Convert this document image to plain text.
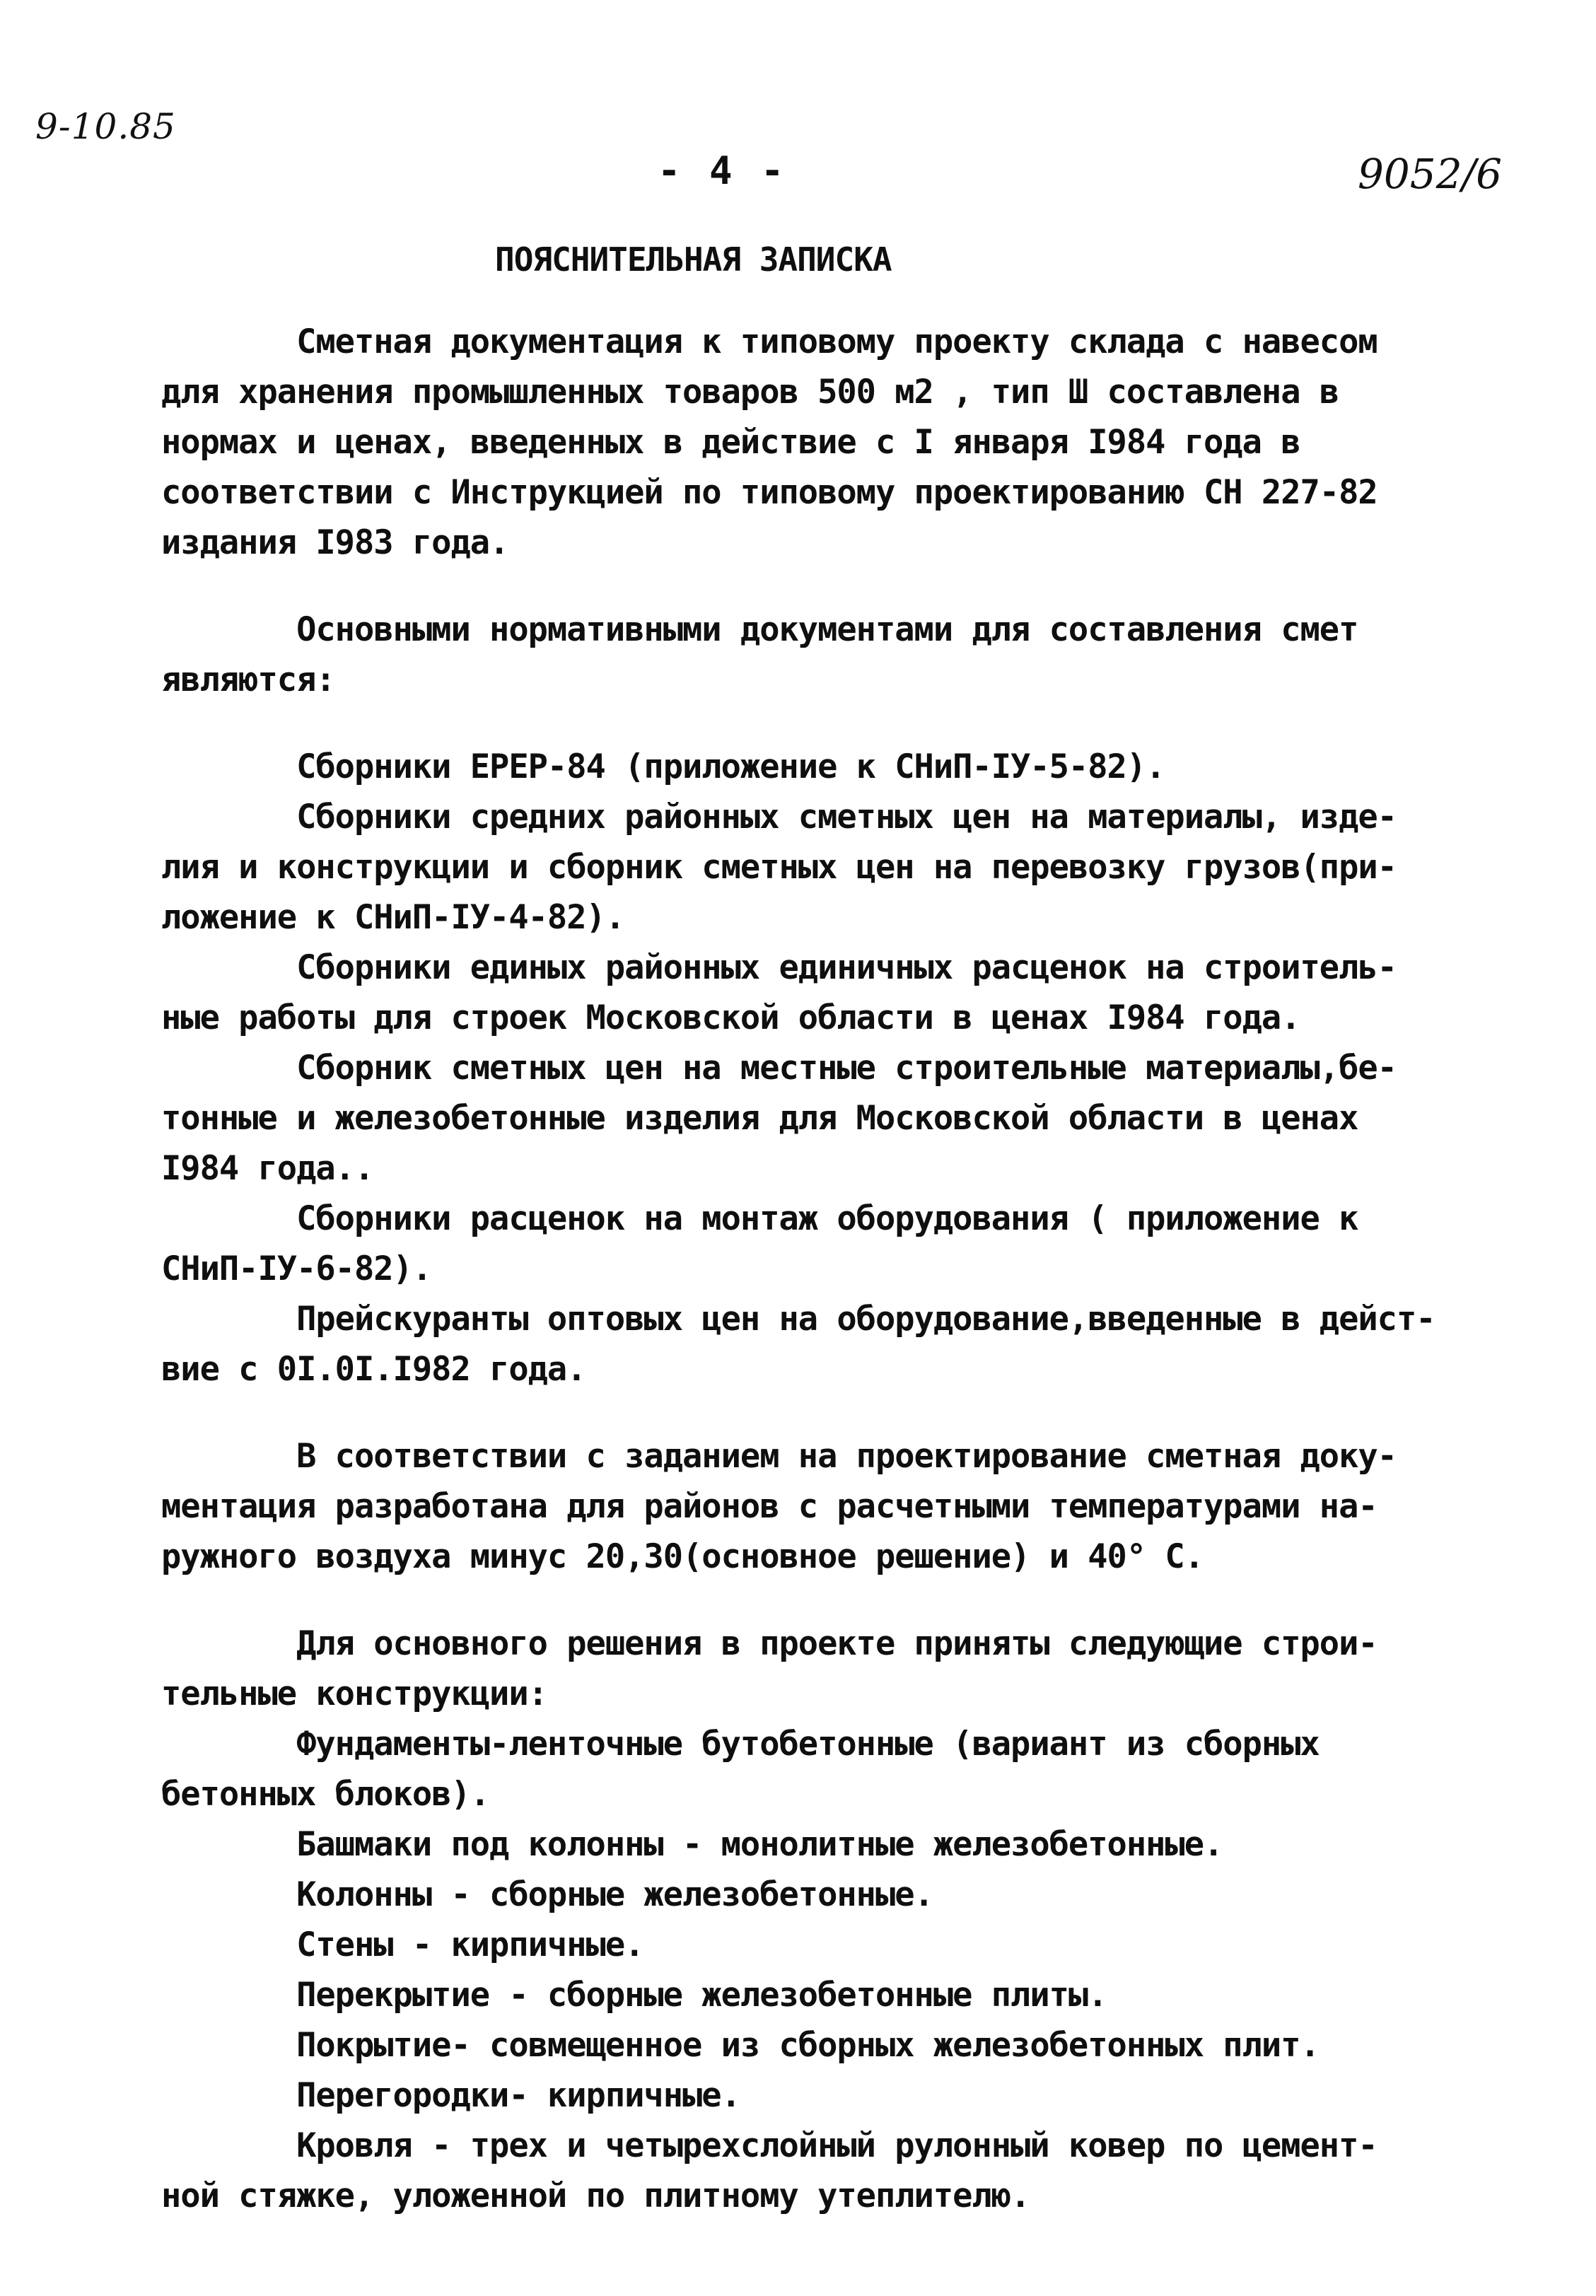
9-10.85
- 4 -	9052/6
ПОЯСНИТЕЛЬНАЯ ЗАПИСКА
Сметная документация к типовому проекту склада с навесом
для хранения промышленных товаров 500 м2 , тип Ш составлена в
нормах и ценах, введенных в действие с I января I984 года в
соответствии с Инструкцией по типовому проектированию СН 227-82
издания I983 года.
Основными нормативными документами для составления смет
являются:
Сборники ЕРЕР-84 (приложение к СНиП-IУ-5-82).
Сборники средних районных сметных цен на материалы, изде-
лия и конструкции и сборник сметных цен на перевозку грузов(при-
ложение к СНиП-IУ-4-82).
Сборники единых районных единичных расценок на строитель-
ные работы для строек Московской области в ценах I984 года.
Сборник сметных цен на местные строительные материалы,бе-
тонные и железобетонные изделия для Московской области в ценах
I984 года..
Сборники расценок на монтаж оборудования ( приложение к
СНиП-IУ-6-82).
Прейскуранты оптовых цен на оборудование,введенные в дейст-
вие с 0I.0I.I982 года.
В соответствии с заданием на проектирование сметная доку-
ментация разработана для районов с расчетными температурами на-
ружного воздуха минус 20,30(основное решение) и 40° С.
Для основного решения в проекте приняты следующие строи-
тельные конструкции:
Фундаменты-ленточные бутобетонные (вариант из сборных
бетонных блоков).
Башмаки под колонны - монолитные железобетонные.
Колонны - сборные железобетонные.
Стены - кирпичные.
Перекрытие - сборные железобетонные плиты.
Покрытие- совмещенное из сборных железобетонных плит.
Перегородки- кирпичные.
Кровля - трех и четырехслойный рулонный ковер по цемент-
ной стяжке, уложенной по плитному утеплителю.
